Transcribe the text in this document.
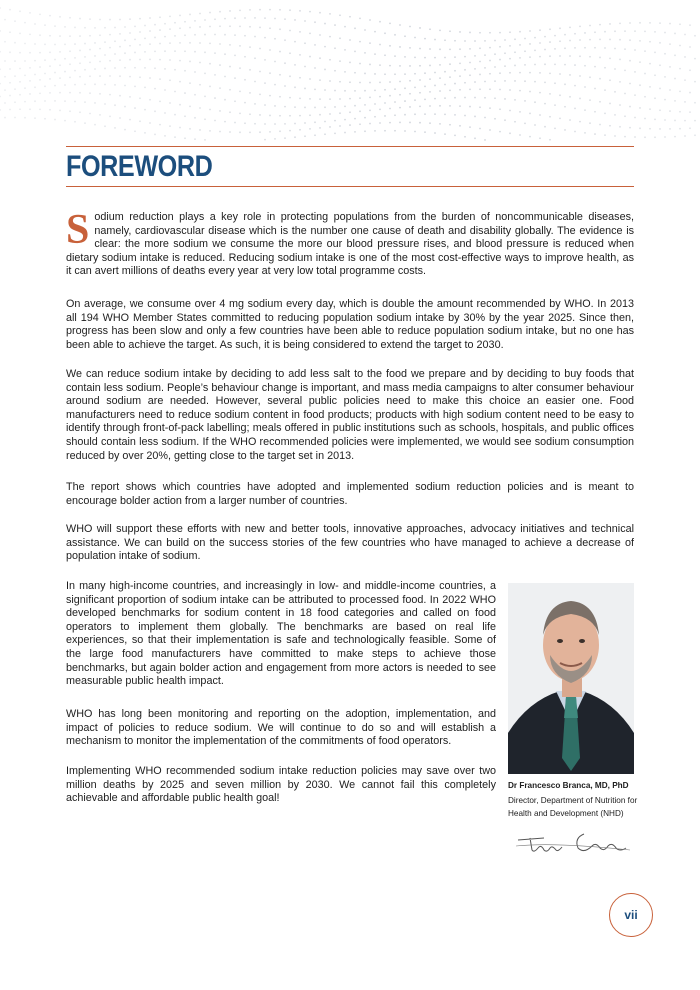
FOREWORD

Sodium reduction plays a key role in protecting populations from the burden of noncommunicable diseases, namely, cardiovascular disease which is the number one cause of death and disability globally. The evidence is clear: the more sodium we consume the more our blood pressure rises, and blood pressure is reduced when dietary sodium intake is reduced. Reducing sodium intake is one of the most cost-effective ways to improve health, as it can avert millions of deaths every year at very low total programme costs.

On average, we consume over 4 mg sodium every day, which is double the amount recommended by WHO. In 2013 all 194 WHO Member States committed to reducing population sodium intake by 30% by the year 2025. Since then, progress has been slow and only a few countries have been able to reduce population sodium intake, but no one has been able to achieve the target. As such, it is being considered to extend the target to 2030.

We can reduce sodium intake by deciding to add less salt to the food we prepare and by deciding to buy foods that contain less sodium. People’s behaviour change is important, and mass media campaigns to alter consumer behaviour around sodium are needed. However, several public policies need to make this choice an easier one. Food manufacturers need to reduce sodium content in food products; products with high sodium content need to be easy to identify through front-of-pack labelling; meals offered in public institutions such as schools, hospitals, and public offices should contain less sodium. If the WHO recommended policies were implemented, we would see sodium consumption reduced by over 20%, getting close to the target set in 2013.

The report shows which countries have adopted and implemented sodium reduction policies and is meant to encourage bolder action from a larger number of countries.

WHO will support these efforts with new and better tools, innovative approaches, advocacy initiatives and technical assistance. We can build on the success stories of the few countries who have managed to achieve a decrease of population intake of sodium.

In many high-income countries, and increasingly in low- and middle-income countries, a significant proportion of sodium intake can be attributed to processed food. In 2022 WHO developed benchmarks for sodium content in 18 food categories and called on food operators to implement them globally. The benchmarks are based on real life experiences, so that their implementation is safe and technologically feasible. Some of the large food manufacturers have committed to make steps to achieve those benchmarks, but again bolder action and engagement from more actors is needed to see measurable public health impact.

WHO has long been monitoring and reporting on the adoption, implementation, and impact of policies to reduce sodium. We will continue to do so and will establish a mechanism to monitor the implementation of the commitments of food operators.

Implementing WHO recommended sodium intake reduction policies may save over two million deaths by 2025 and seven million by 2030. We cannot fail this completely achievable and affordable public health goal!

Dr Francesco Branca, MD, PhD
Director, Department of Nutrition for Health and Development (NHD)
vii
